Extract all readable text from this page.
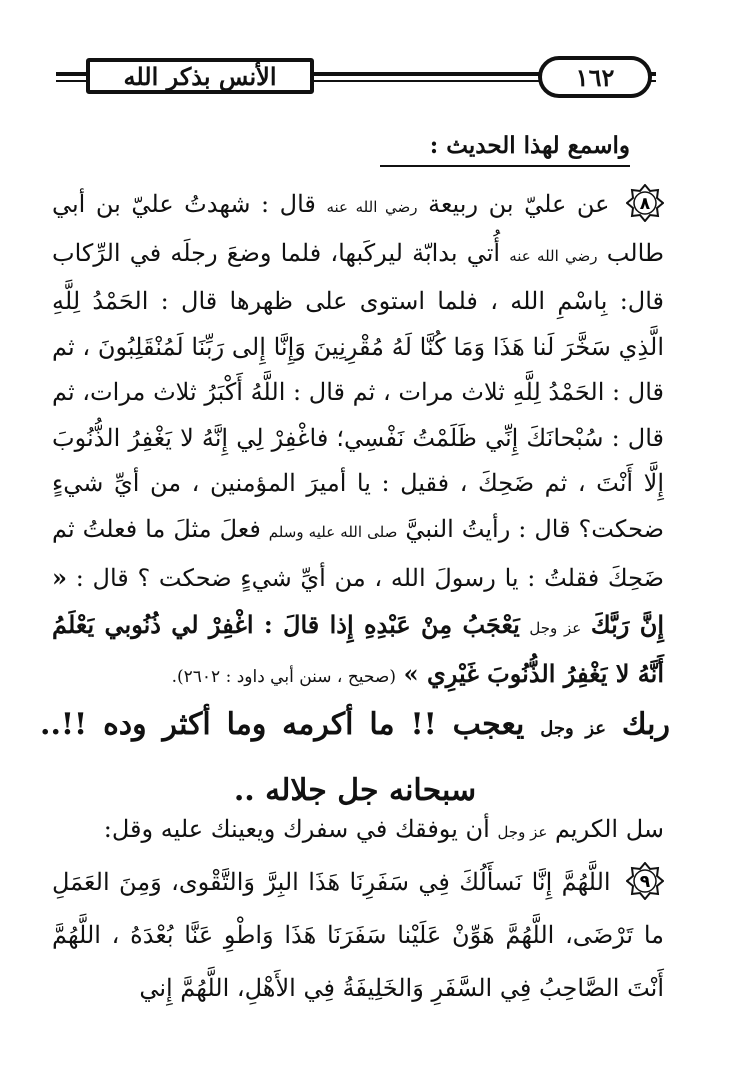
الأنس بذكر الله	١٦٢
واسمع لهذا الحديث :
٨
عن عليّ بن ربيعة رضي الله عنه قال : شهدتُ عليّ بن أبي طالب رضي الله عنه أُتي بدابّة ليركَبها، فلما وضعَ رجلَه في الرِّكاب قال: بِاسْمِ الله ، فلما استوى على ظهرها قال : الحَمْدُ لِلَّهِ الَّذِي سَخَّرَ لَنا هَذَا وَمَا كُنَّا لَهُ مُقْرِنِينَ وَإِنَّا إِلى رَبِّنَا لَمُنْقَلِبُونَ ، ثم قال : الحَمْدُ لِلَّهِ ثلاث مرات ، ثم قال : اللَّهُ أَكْبَرُ ثلاث مرات، ثم قال : سُبْحانَكَ إِنِّي ظَلَمْتُ نَفْسِي؛ فاغْفِرْ لِي إِنَّهُ لا يَغْفِرُ الذُّنُوبَ إِلَّا أَنْتَ ، ثم ضَحِكَ ، فقيل : يا أميرَ المؤمنين ، من أيِّ شيءٍ ضحكت؟ قال : رأيتُ النبيَّ صلى الله عليه وسلم فعلَ مثلَ ما فعلتُ ثم ضَحِكَ فقلتُ : يا رسولَ الله ، من أيِّ شيءٍ ضحكت ؟ قال : « إِنَّ رَبَّكَ عز وجل يَعْجَبُ مِنْ عَبْدِهِ إِذا قالَ : اغْفِرْ لي ذُنُوبي يَعْلَمُ أَنَّهُ لا يَغْفِرُ الذُّنُوبَ غَيْرِي » (صحيح ، سنن أبي داود : ٢٦٠٢).
ربك عز وجل يعجب !! ما أكرمه وما أكثر وده !!.. سبحانه جل جلاله ..
سل الكريم عز وجل أن يوفقك في سفرك ويعينك عليه وقل:
٩
اللَّهُمَّ إِنَّا نَسأَلُكَ فِي سَفَرِنَا هَذَا البِرَّ وَالتَّقْوى، وَمِنَ العَمَلِ ما تَرْضَى، اللَّهُمَّ هَوِّنْ عَلَيْنا سَفَرَنَا هَذَا وَاطْوِ عَنَّا بُعْدَهُ ، اللَّهُمَّ أَنْتَ الصَّاحِبُ فِي السَّفَرِ وَالخَلِيفَةُ فِي الأَهْلِ، اللَّهُمَّ إِني
